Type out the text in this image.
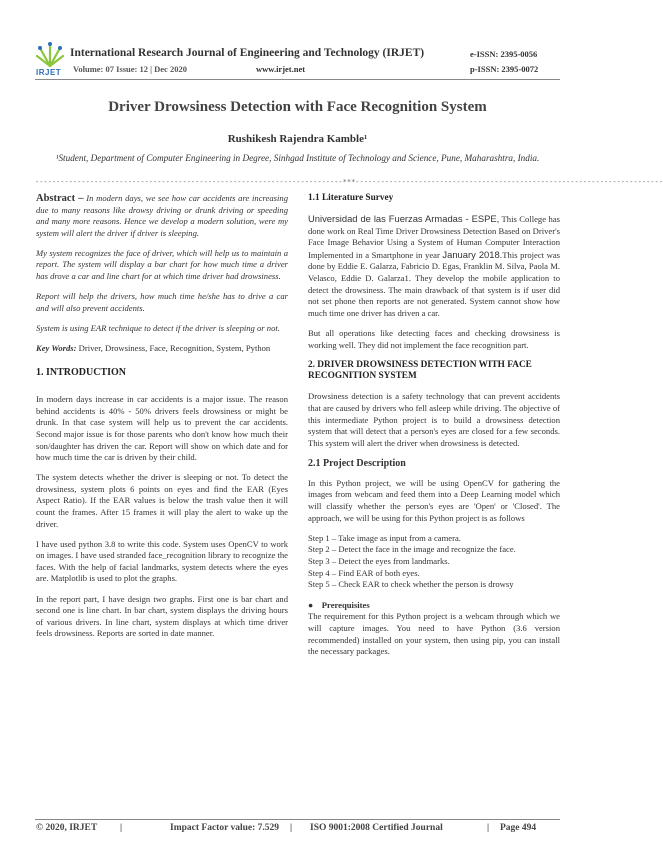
IRJET
International Research Journal of Engineering and Technology (IRJET)
Volume: 07 Issue: 12 | Dec 2020	www.irjet.net
e-ISSN: 2395-0056
p-ISSN: 2395-0072
Driver Drowsiness Detection with Face Recognition System
Rushikesh Rajendra Kamble¹
¹Student, Department of Computer Engineering in Degree, Sinhgad Institute of Technology and Science, Pune, Maharashtra, India.
-------------------------------------------------------------------------***-------------------------------------------------------------------------

Abstract – In modern days, we see how car accidents are increasing due to many reasons like drowsy driving or drunk driving or speeding and many more reasons. Hence we develop a modern solution, were my system will alert the driver if driver is sleeping.

My system recognizes the face of driver, which will help us to maintain a report. The system will display a bar chart for how much time a driver has drove a car and line chart for at which time driver had drowsiness.

Report will help the drivers, how much time he/she has to drive a car and will also prevent accidents.

System is using EAR technique to detect if the driver is sleeping or not.

Key Words: Driver, Drowsiness, Face, Recognition, System, Python

1. INTRODUCTION

In modern days increase in car accidents is a major issue. The reason behind accidents is 40% - 50% drivers feels drowsiness or might be drunk. In that case system will help us to prevent the car accidents. Second major issue is for those parents who don't know how much their son/daughter has driven the car. Report will show on which date and for how much time the car is driven by their child.

The system detects whether the driver is sleeping or not. To detect the drowsiness, system plots 6 points on eyes and find the EAR (Eyes Aspect Ratio). If the EAR values is below the trash value then it will count the frames. After 15 frames it will play the alert to wake up the driver.

I have used python 3.8 to write this code. System uses OpenCV to work on images. I have used stranded face_recognition library to recognize the faces. With the help of facial landmarks, system detects where the eyes are. Matplotlib is used to plot the graphs.

In the report part, I have design two graphs. First one is bar chart and second one is line chart. In bar chart, system displays the driving hours of various drivers. In line chart, system displays at which time driver feels drowsiness. Reports are sorted in date manner.

1.1 Literature Survey

Universidad de las Fuerzas Armadas - ESPE, This College has done work on Real Time Driver Drowsiness Detection Based on Driver's Face Image Behavior Using a System of Human Computer Interaction Implemented in a Smartphone in year January 2018.This project was done by Eddie E. Galarza, Fabricio D. Egas, Franklin M. Silva, Paola M. Velasco, Eddie D. Galarza1. They develop the mobile application to detect the drowsiness. The main drawback of that system is if user did not set phone then reports are not generated. System cannot show how much time one driver has driven a car.

But all operations like detecting faces and checking drowsiness is working well. They did not implement the face recognition part.

2. DRIVER DROWSINESS DETECTION WITH FACE RECOGNITION SYSTEM

Drowsiness detection is a safety technology that can prevent accidents that are caused by drivers who fell asleep while driving. The objective of this intermediate Python project is to build a drowsiness detection system that will detect that a person's eyes are closed for a few seconds. This system will alert the driver when drowsiness is detected.

2.1 Project Description

In this Python project, we will be using OpenCV for gathering the images from webcam and feed them into a Deep Learning model which will classify whether the person's eyes are 'Open' or 'Closed'. The approach, we will be using for this Python project is as follows

Step 1 – Take image as input from a camera.

Step 2 – Detect the face in the image and recognize the face.

Step 3 – Detect the eyes from landmarks.

Step 4 – Find EAR of both eyes.

Step 5 – Check EAR to check whether the person is drowsy

●    Prerequisites

The requirement for this Python project is a webcam through which we will capture images. You need to have Python (3.6 version recommended) installed on your system, then using pip, you can install the necessary packages.

© 2020, IRJET |	Impact Factor value: 7.529 | ISO 9001:2008 Certified Journal	| Page 494
